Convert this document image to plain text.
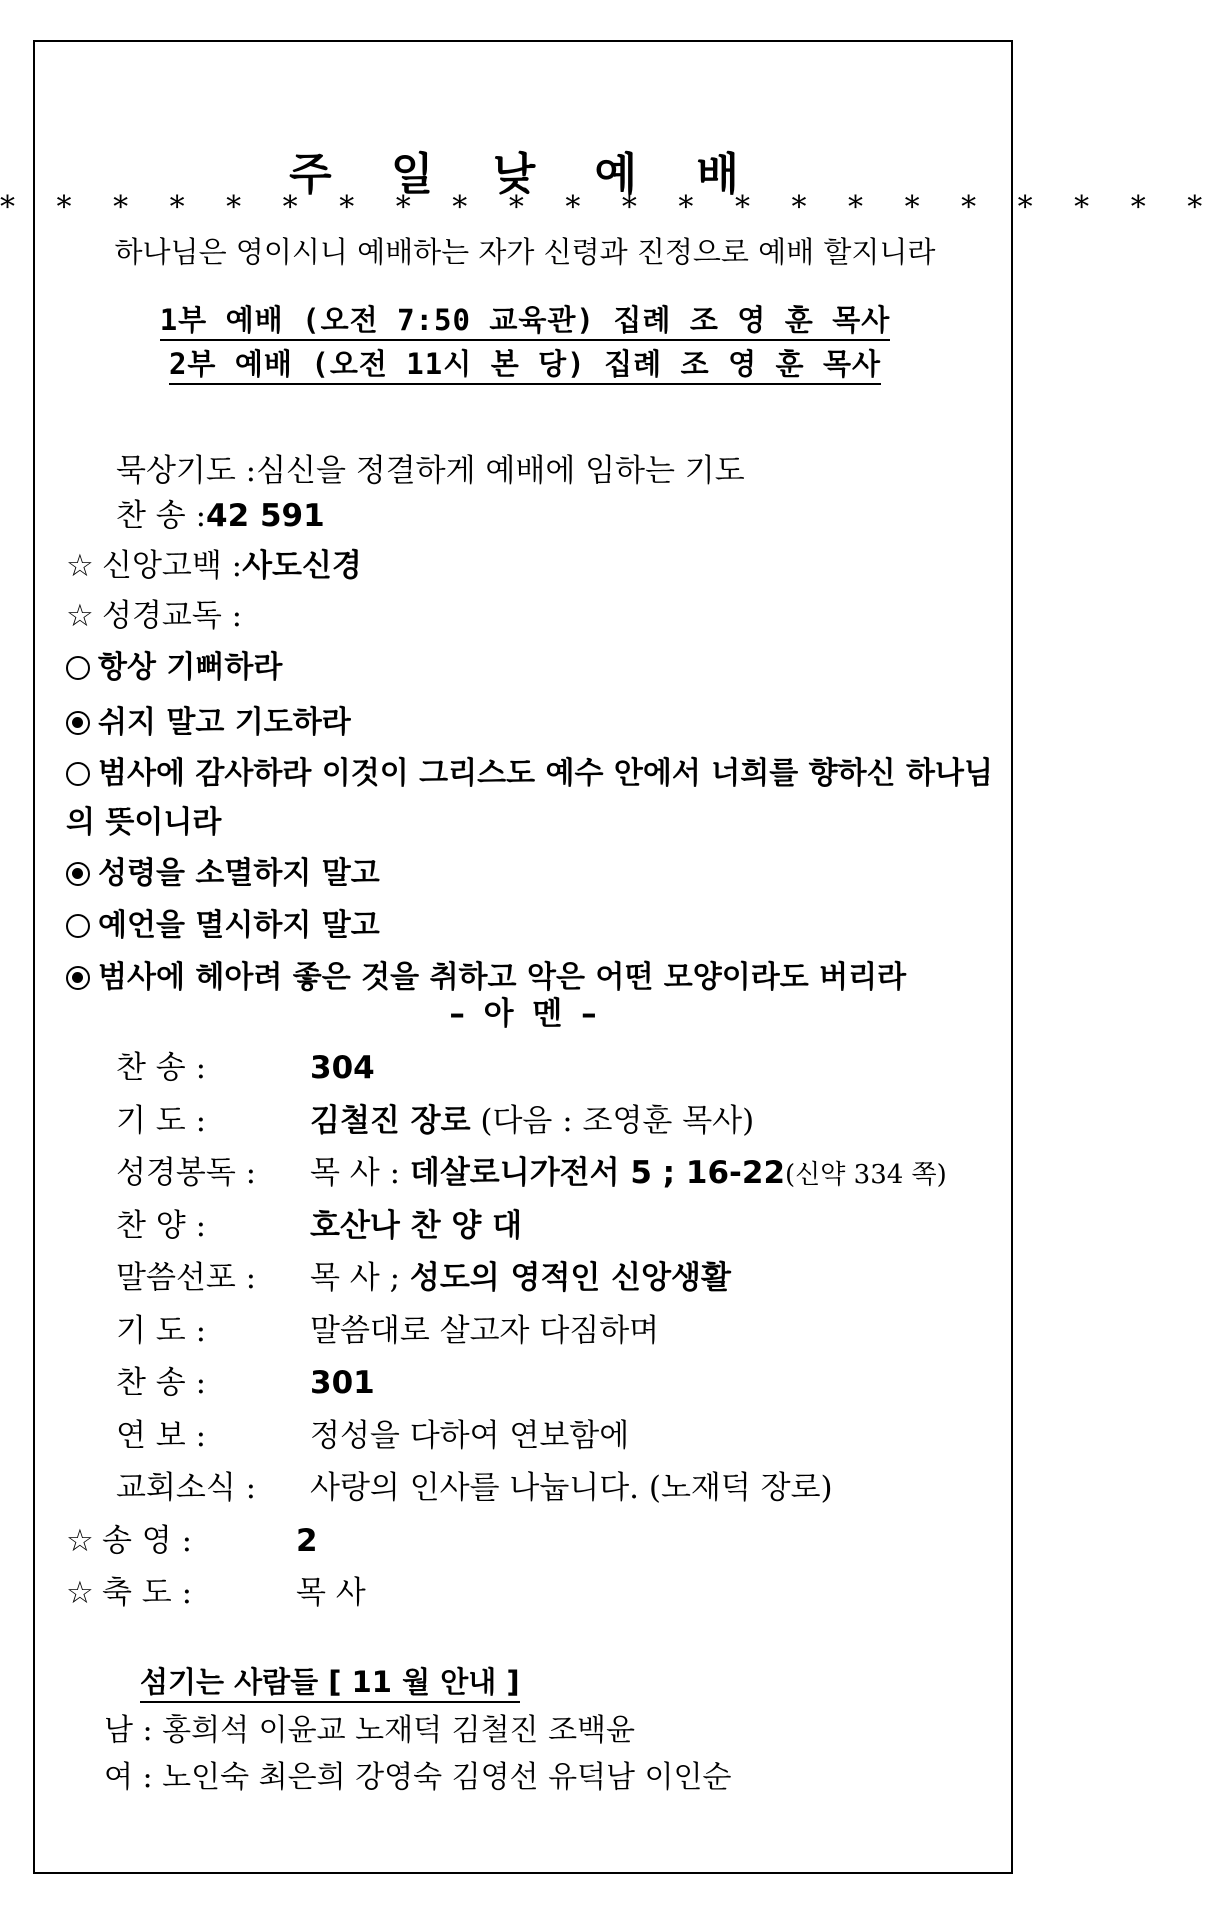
주 일 낮 예 배
* * * * * * * * * * * * * * * * * * * * * *
하나님은 영이시니 예배하는 자가 신령과 진정으로 예배 할지니라
1부 예배 (오전 7:50 교육관) 집례 조 영 훈 목사
2부 예배 (오전 11시 본 당) 집례 조 영 훈 목사
묵상기도 :심신을 정결하게 예배에 임하는 기도
찬 송 :42 591
☆ 신앙고백 :사도신경
☆ 성경교독 :
항상 기뻐하라
쉬지 말고 기도하라
범사에 감사하라 이것이 그리스도 예수 안에서 너희를 향하신 하나님
의 뜻이니라
성령을 소멸하지 말고
예언을 멸시하지 말고
범사에 헤아려 좋은 것을 취하고 악은 어떤 모양이라도 버리라
– 아 멘 –
찬 송 :	304
기 도 :	김철진 장로 (다음 : 조영훈 목사)
성경봉독 :목 사 : 데살로니가전서 5 ; 16-22(신약 334 쪽)
찬 양 :	호산나 찬 양 대
말씀선포 :목 사 ; 성도의 영적인 신앙생활
기 도 :	말씀대로 살고자 다짐하며
찬 송 :	301
연 보 :	정성을 다하여 연보함에
교회소식 :사랑의 인사를 나눕니다. (노재덕 장로)
☆ 송 영 :	2
☆ 축 도 :	목 사
섬기는 사람들 [ 11 월 안내 ]
남 : 홍희석 이윤교 노재덕 김철진 조백윤
여 : 노인숙 최은희 강영숙 김영선 유덕남 이인순
